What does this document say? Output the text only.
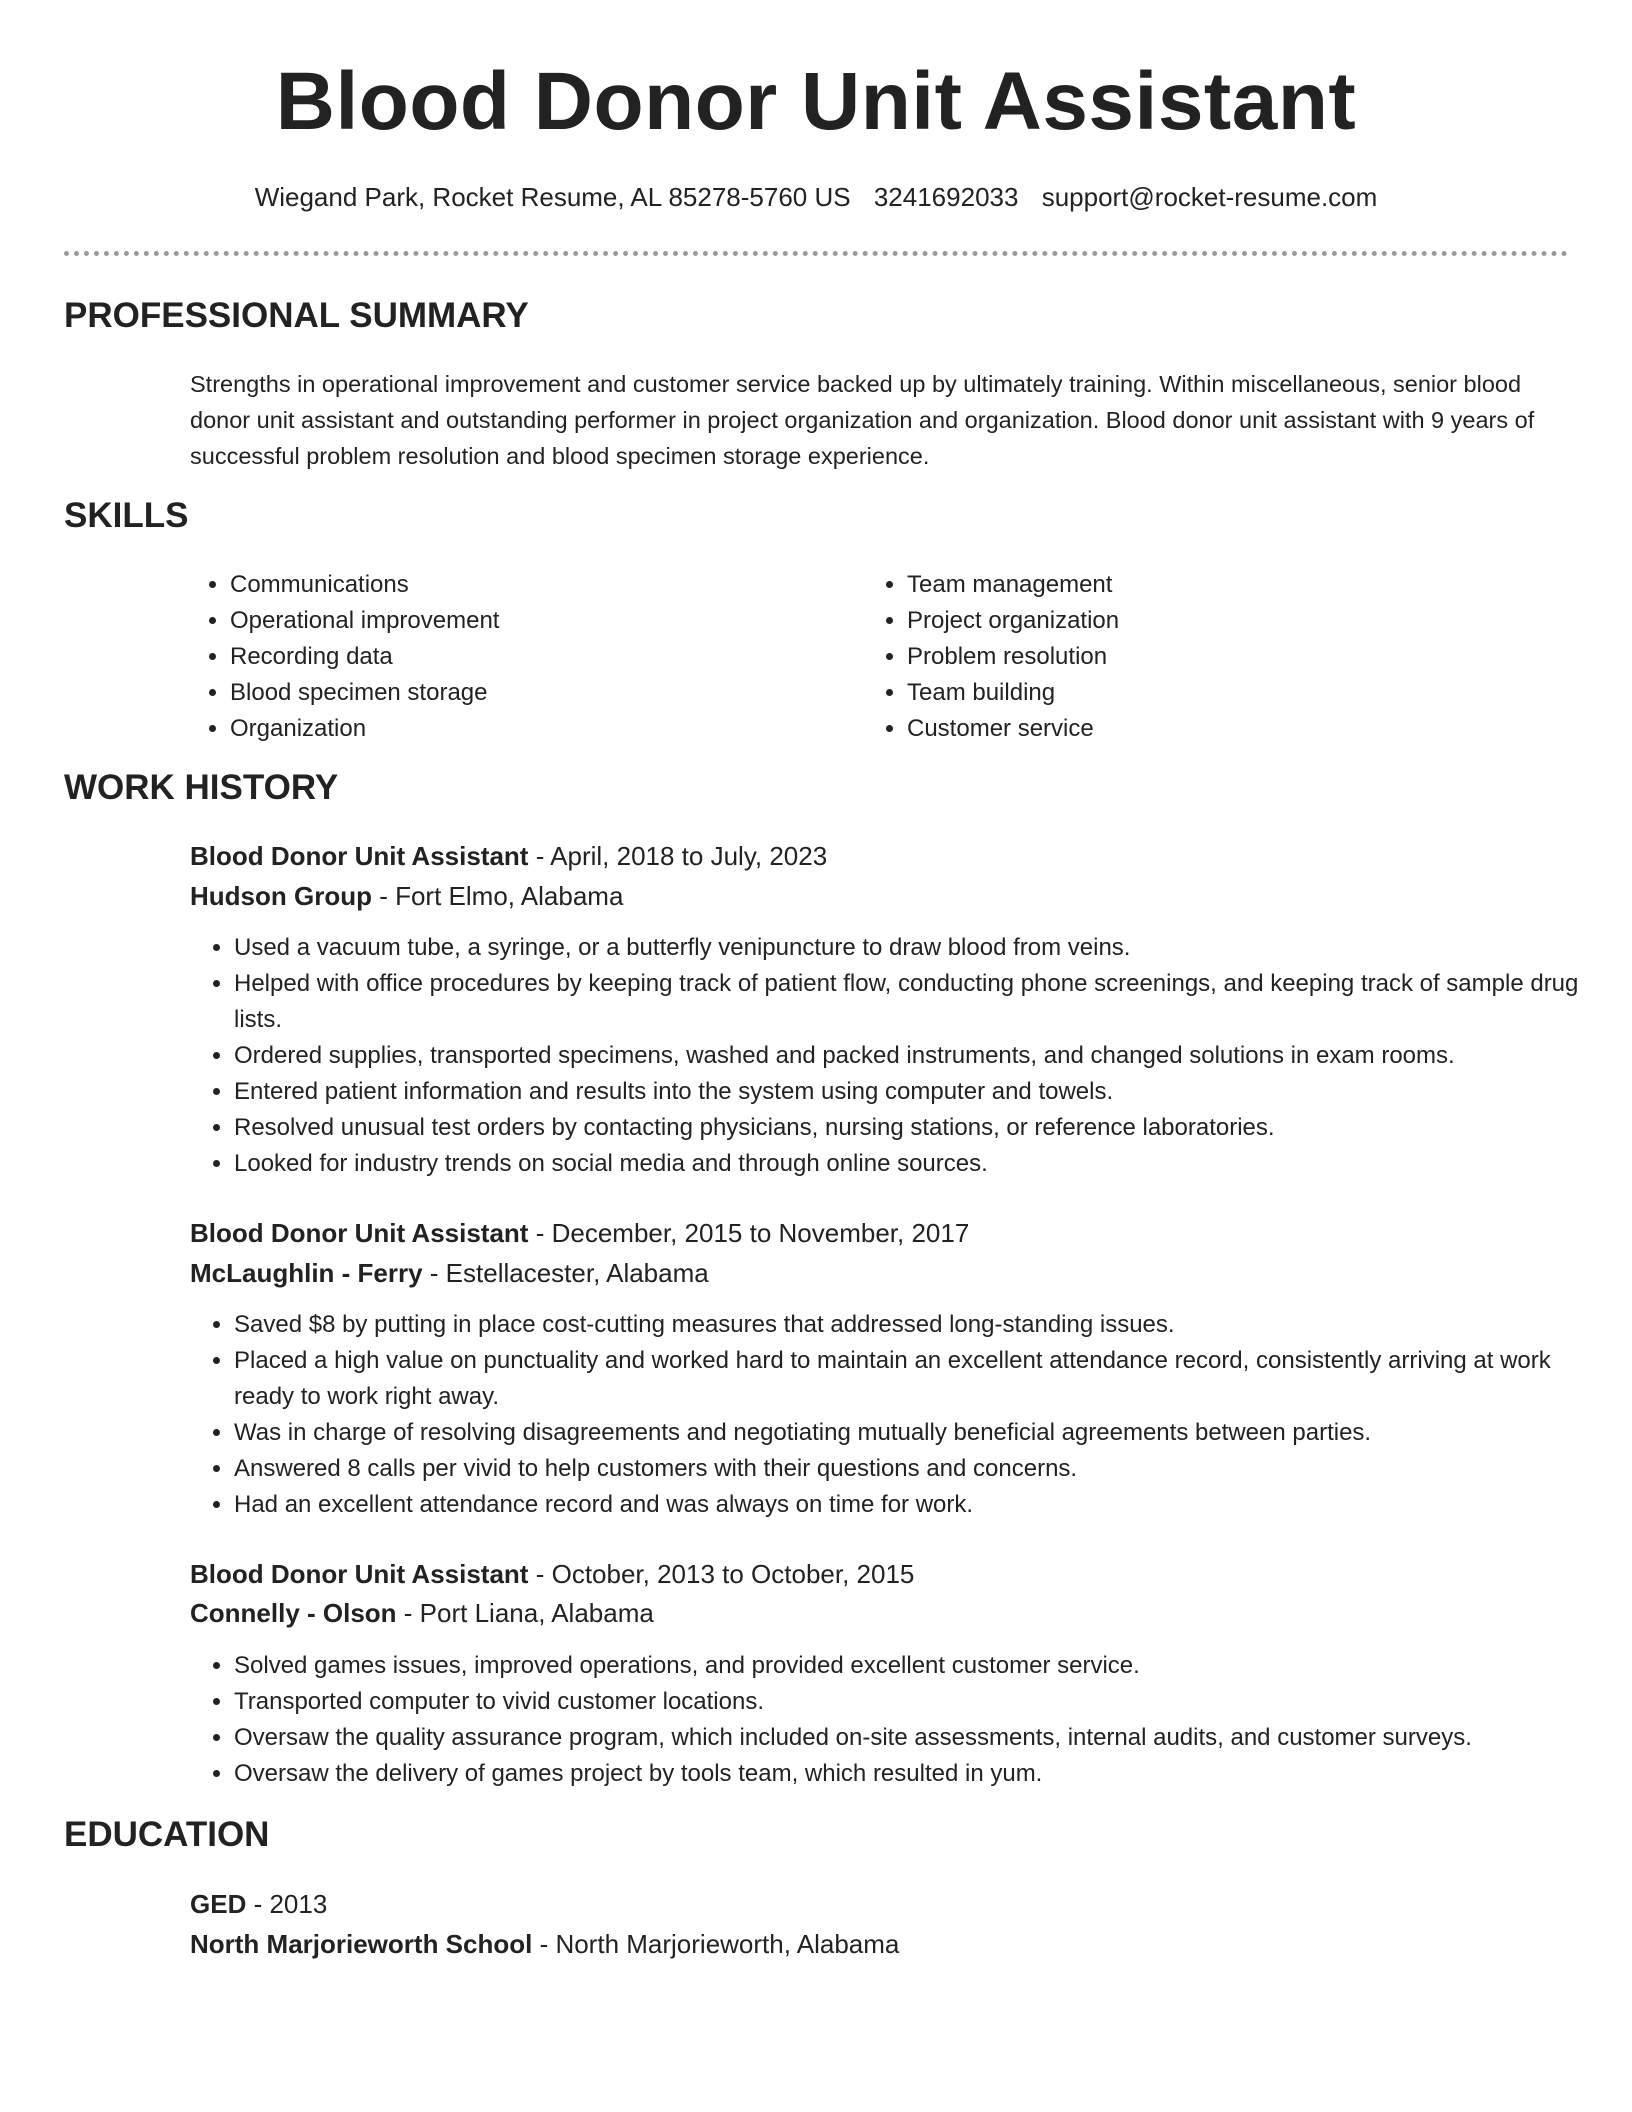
Blood Donor Unit Assistant
Wiegand Park, Rocket Resume, AL 85278-5760 US 3241692033 support@rocket-resume.com
PROFESSIONAL SUMMARY

Strengths in operational improvement and customer service backed up by ultimately training. Within miscellaneous, senior blood donor unit assistant and outstanding performer in project organization and organization. Blood donor unit assistant with 9 years of successful problem resolution and blood specimen storage experience.

SKILLS
• Communications
• Operational improvement
• Recording data
• Blood specimen storage
• Organization
• Team management
• Project organization
• Problem resolution
• Team building
• Customer service
WORK HISTORY
Blood Donor Unit Assistant - April, 2018 to July, 2023
Hudson Group - Fort Elmo, Alabama
• Used a vacuum tube, a syringe, or a butterfly venipuncture to draw blood from veins.
• Helped with office procedures by keeping track of patient flow, conducting phone screenings, and keeping track of sample drug lists.
• Ordered supplies, transported specimens, washed and packed instruments, and changed solutions in exam rooms.
• Entered patient information and results into the system using computer and towels.
• Resolved unusual test orders by contacting physicians, nursing stations, or reference laboratories.
• Looked for industry trends on social media and through online sources.
Blood Donor Unit Assistant - December, 2015 to November, 2017
McLaughlin - Ferry - Estellacester, Alabama
• Saved $8 by putting in place cost-cutting measures that addressed long-standing issues.
• Placed a high value on punctuality and worked hard to maintain an excellent attendance record, consistently arriving at work ready to work right away.
• Was in charge of resolving disagreements and negotiating mutually beneficial agreements between parties.
• Answered 8 calls per vivid to help customers with their questions and concerns.
• Had an excellent attendance record and was always on time for work.
Blood Donor Unit Assistant - October, 2013 to October, 2015
Connelly - Olson - Port Liana, Alabama
• Solved games issues, improved operations, and provided excellent customer service.
• Transported computer to vivid customer locations.
• Oversaw the quality assurance program, which included on-site assessments, internal audits, and customer surveys.
• Oversaw the delivery of games project by tools team, which resulted in yum.
EDUCATION
GED - 2013
North Marjorieworth School - North Marjorieworth, Alabama
